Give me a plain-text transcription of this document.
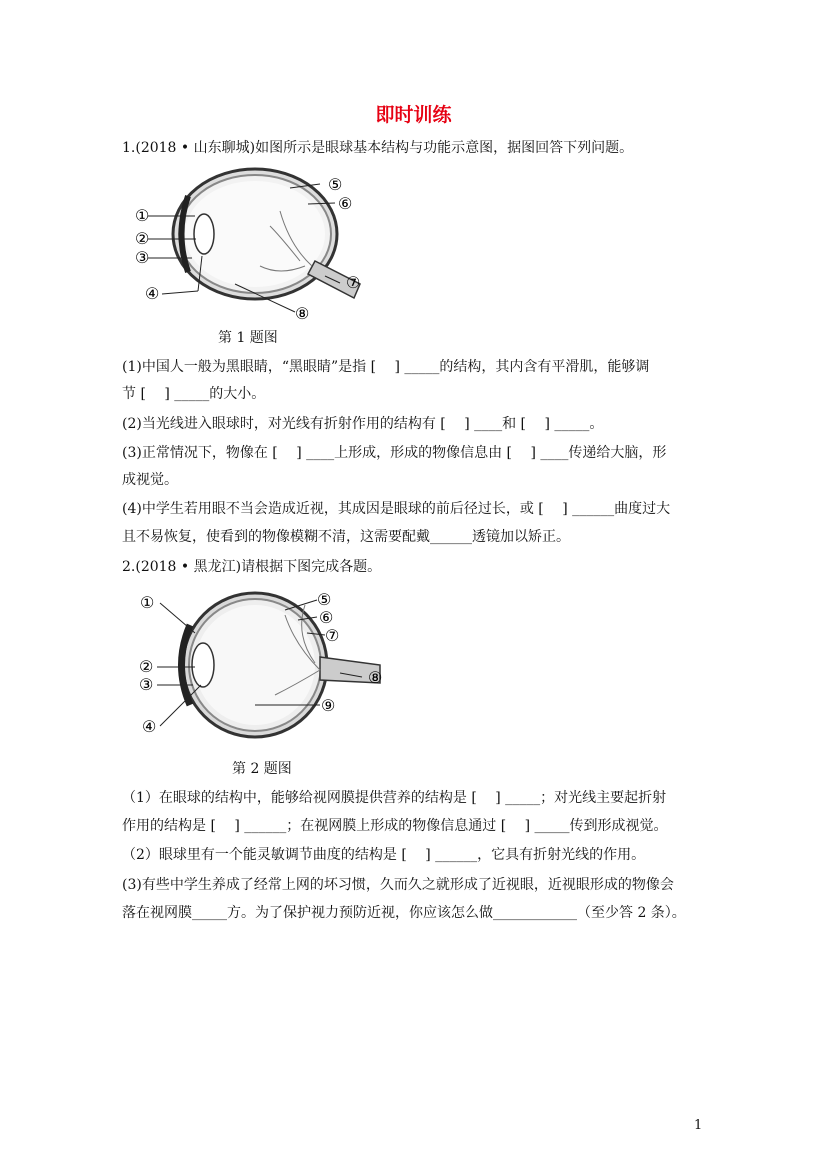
即时训练
1.(2018 • 山东聊城)如图所示是眼球基本结构与功能示意图，据图回答下列问题。
①
②
③
④
⑤
⑥
⑦
⑧
第 1 题图
(1)中国人一般为黑眼睛，“黑眼睛”是指 [　 ] _____的结构，其内含有平滑肌，能够调
节 [　 ] _____的大小。
(2)当光线进入眼球时，对光线有折射作用的结构有 [　 ] ____和 [　 ] _____。
(3)正常情况下，物像在 [　 ] ____上形成，形成的物像信息由 [　 ] ____传递给大脑，形
成视觉。
(4)中学生若用眼不当会造成近视，其成因是眼球的前后径过长，或 [　 ] ______曲度过大
且不易恢复，使看到的物像模糊不清，这需要配戴______透镜加以矫正。
2.(2018 • 黑龙江)请根据下图完成各题。
①
②
③
④
⑤
⑥
⑦
⑧
⑨
第 2 题图
（1）在眼球的结构中，能够给视网膜提供营养的结构是 [　 ] _____；对光线主要起折射
作用的结构是 [　 ] ______；在视网膜上形成的物像信息通过 [　 ] _____传到形成视觉。
（2）眼球里有一个能灵敏调节曲度的结构是 [　 ] ______，它具有折射光线的作用。
(3)有些中学生养成了经常上网的坏习惯，久而久之就形成了近视眼，近视眼形成的物像会
落在视网膜_____方。为了保护视力预防近视，你应该怎么做____________（至少答 2 条）。
1
